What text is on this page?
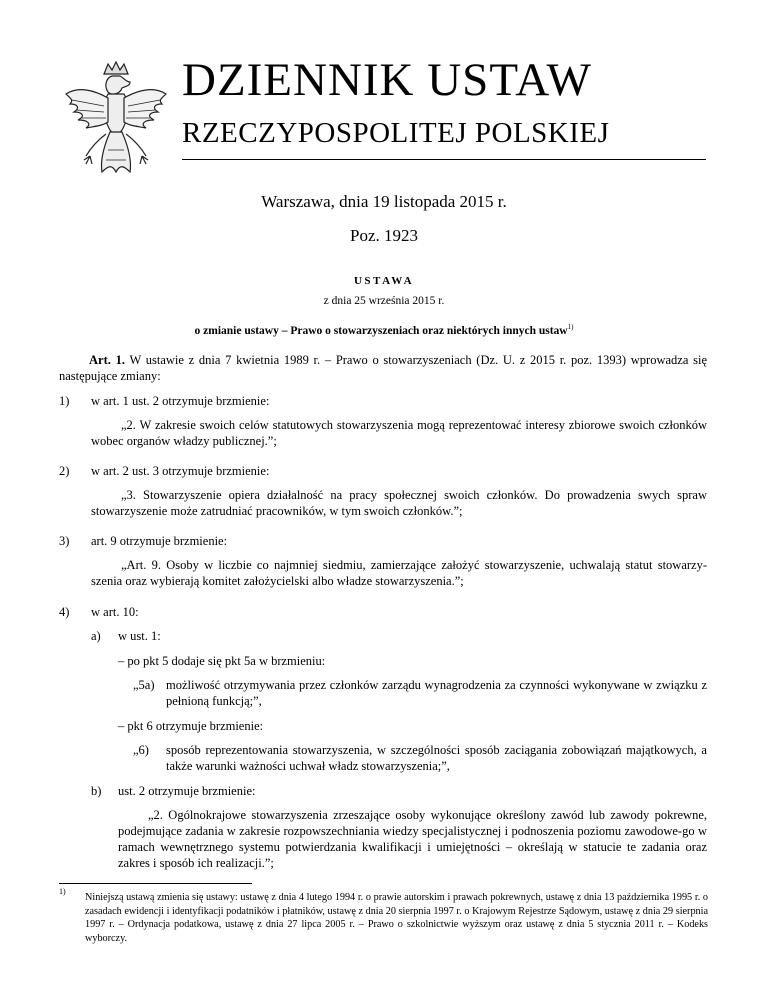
DZIENNIK USTAW
RZECZYPOSPOLITEJ POLSKIEJ
Warszawa, dnia 19 listopada 2015 r.
Poz. 1923
USTAWA
z dnia 25 września 2015 r.
o zmianie ustawy – Prawo o stowarzyszeniach oraz niektórych innych ustaw$^{1)}$
Art. 1. W ustawie z dnia 7 kwietnia 1989 r. – Prawo o stowarzyszeniach (Dz. U. z 2015 r. poz. 1393) wprowadza się następujące zmiany:
1) w art. 1 ust. 2 otrzymuje brzmienie:
„2. W zakresie swoich celów statutowych stowarzyszenia mogą reprezentować interesy zbiorowe swoich członków wobec organów władzy publicznej.”;
2) w art. 2 ust. 3 otrzymuje brzmienie:
„3. Stowarzyszenie opiera działalność na pracy społecznej swoich członków. Do prowadzenia swych spraw stowarzyszenie może zatrudniać pracowników, w tym swoich członków.”;
3) art. 9 otrzymuje brzmienie:
„Art. 9. Osoby w liczbie co najmniej siedmiu, zamierzające założyć stowarzyszenie, uchwalają statut stowarzy-szenia oraz wybierają komitet założycielski albo władze stowarzyszenia.”;
4) w art. 10:
a) w ust. 1:
– po pkt 5 dodaje się pkt 5a w brzmieniu:
„5a) możliwość otrzymywania przez członków zarządu wynagrodzenia za czynności wykonywane w związku z pełnioną funkcją;”,
– pkt 6 otrzymuje brzmienie:
„6) sposób reprezentowania stowarzyszenia, w szczególności sposób zaciągania zobowiązań majątkowych, a także warunki ważności uchwał władz stowarzyszenia;”,
b) ust. 2 otrzymuje brzmienie:
„2. Ogólnokrajowe stowarzyszenia zrzeszające osoby wykonujące określony zawód lub zawody pokrewne, podejmujące zadania w zakresie rozpowszechniania wiedzy specjalistycznej i podnoszenia poziomu zawodowe-go w ramach wewnętrznego systemu potwierdzania kwalifikacji i umiejętności – określają w statucie te zadania oraz zakres i sposób ich realizacji.”;
1)
Niniejszą ustawą zmienia się ustawy: ustawę z dnia 4 lutego 1994 r. o prawie autorskim i prawach pokrewnych, ustawę z dnia 13 października 1995 r. o zasadach ewidencji i identyfikacji podatników i płatników, ustawę z dnia 20 sierpnia 1997 r. o Krajowym Rejestrze Sądowym, ustawę z dnia 29 sierpnia 1997 r. – Ordynacja podatkowa, ustawę z dnia 27 lipca 2005 r. – Prawo o szkolnictwie wyższym oraz ustawę z dnia 5 stycznia 2011 r. – Kodeks wyborczy.
